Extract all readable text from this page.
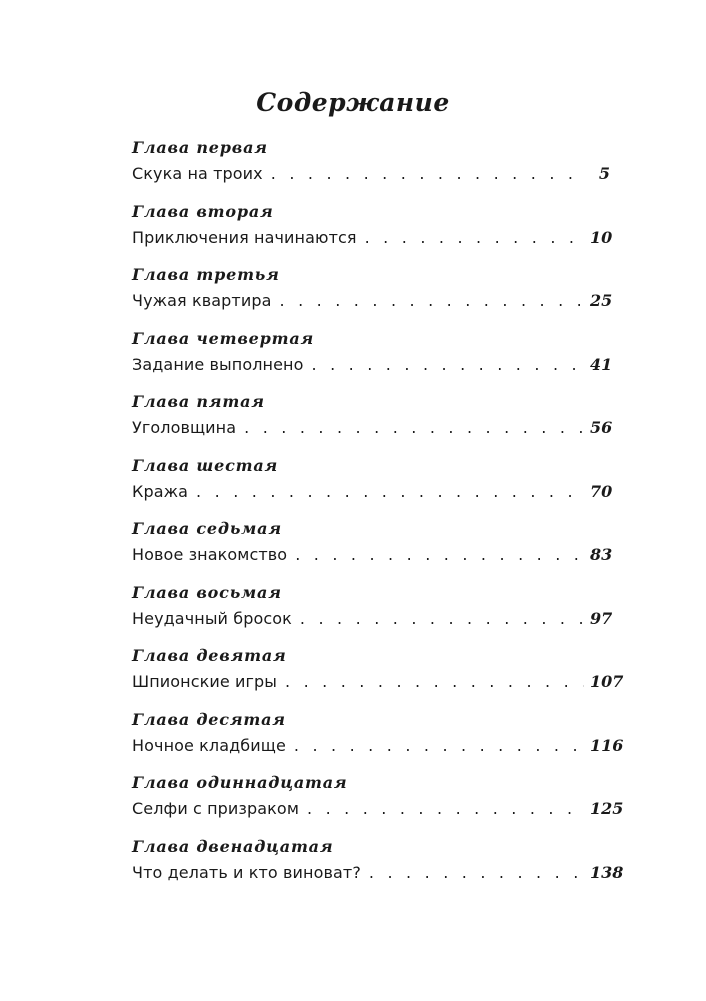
Содержание
Глава первая
Скука на троих . . .	5
Глава вторая
Приключения начинаются . . .	10
Глава третья
Чужая квартира . . .	25
Глава четвертая
Задание выполнено . . .	41
Глава пятая
Уголовщина . . .	56
Глава шестая
Кража . . .	70
Глава седьмая
Новое знакомство . . .	83
Глава восьмая
Неудачный бросок . . .	97
Глава девятая
Шпионские игры . . .	107
Глава десятая
Ночное кладбище . . .	116
Глава одиннадцатая
Селфи с призраком . . .	125
Глава двенадцатая
Что делать и кто виноват? . . .	138
